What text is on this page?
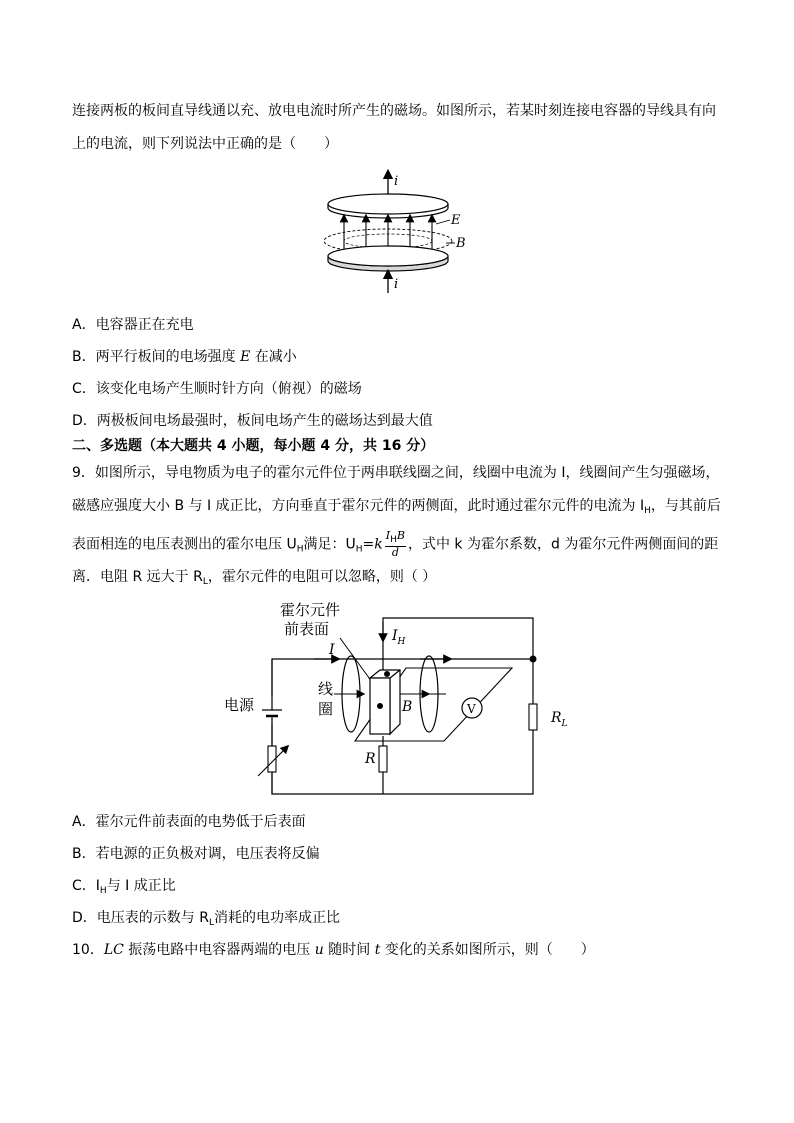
连接两板的板间直导线通以充、放电电流时所产生的磁场。如图所示，若某时刻连接电容器的导线具有向
上的电流，则下列说法中正确的是（　　）
i
E
B
i
A．电容器正在充电
B．两平行板间的电场强度 E 在减小
C．该变化电场产生顺时针方向（俯视）的磁场
D．两极板间电场最强时，板间电场产生的磁场达到最大值
二、多选题（本大题共 4 小题，每小题 4 分，共 16 分）
9．如图所示，导电物质为电子的霍尔元件位于两串联线圈之间，线圈中电流为 I，线圈间产生匀强磁场，
磁感应强度大小 B 与 I 成正比，方向垂直于霍尔元件的两侧面，此时通过霍尔元件的电流为 $I_H$，与其前后
表面相连的电压表测出的霍尔电压 $U_H$满足：$U_H=k \frac{I_HB}{d}$ ，式中 k 为霍尔系数，d 为霍尔元件两侧面间的距
离．电阻 R 远大于 $R_L$，霍尔元件的电阻可以忽略，则（ ）
I
$I_H$
霍尔元件
前表面
B
线
圈	V
电源
R
$R_L$
A．霍尔元件前表面的电势低于后表面
B．若电源的正负极对调，电压表将反偏
C．$I_H$与 I 成正比
D．电压表的示数与 $R_L$消耗的电功率成正比
10．LC 振荡电路中电容器两端的电压 u 随时间 t 变化的关系如图所示，则（　　）
